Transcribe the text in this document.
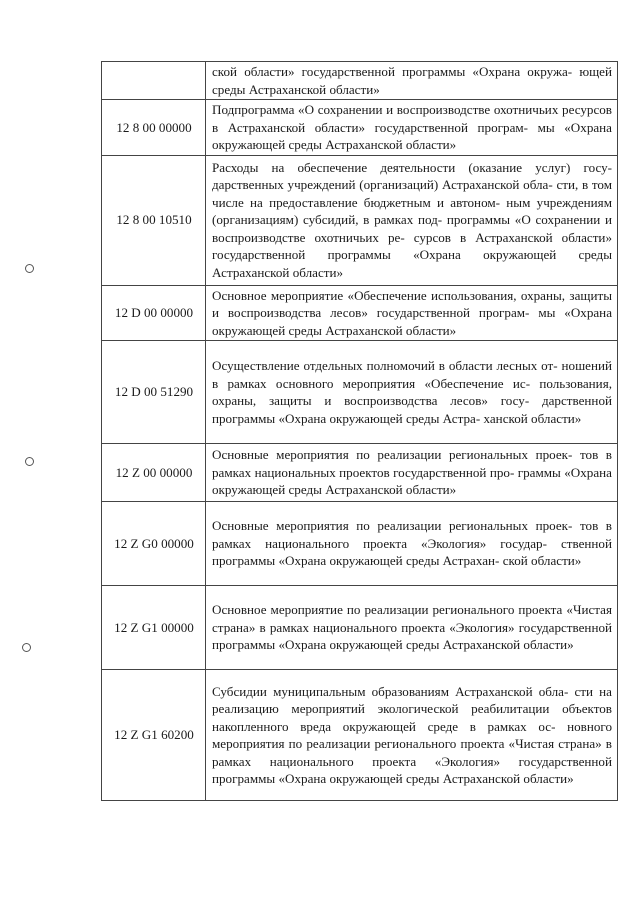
	ской области» государственной программы «Охрана окружа- ющей среды Астраханской области»
12 8 00 00000	Подпрограмма «О сохранении и воспроизводстве охотничьих ресурсов в Астраханской области» государственной програм- мы «Охрана окружающей среды Астраханской области»
12 8 00 10510	Расходы на обеспечение деятельности (оказание услуг) госу- дарственных учреждений (организаций) Астраханской обла- сти, в том числе на предоставление бюджетным и автоном- ным учреждениям (организациям) субсидий, в рамках под- программы «О сохранении и воспроизводстве охотничьих ре- сурсов в Астраханской области» государственной программы «Охрана окружающей среды Астраханской области»
12 D 00 00000	Основное мероприятие «Обеспечение использования, охраны, защиты и воспроизводства лесов» государственной програм- мы «Охрана окружающей среды Астраханской области»
12 D 00 51290	Осуществление отдельных полномочий в области лесных от- ношений в рамках основного мероприятия «Обеспечение ис- пользования, охраны, защиты и воспроизводства лесов» госу- дарственной программы «Охрана окружающей среды Астра- ханской области»
12 Z 00 00000	Основные мероприятия по реализации региональных проек- тов в рамках национальных проектов государственной про- граммы «Охрана окружающей среды Астраханской области»
12 Z G0 00000	Основные мероприятия по реализации региональных проек- тов в рамках национального проекта «Экология» государ- ственной программы «Охрана окружающей среды Астрахан- ской области»
12 Z G1 00000	Основное мероприятие по реализации регионального проекта «Чистая страна» в рамках национального проекта «Экология» государственной программы «Охрана окружающей среды Астраханской области»
12 Z G1 60200	Субсидии муниципальным образованиям Астраханской обла- сти на реализацию мероприятий экологической реабилитации объектов накопленного вреда окружающей среде в рамках ос- новного мероприятия по реализации регионального проекта «Чистая страна» в рамках национального проекта «Экология» государственной программы «Охрана окружающей среды Астраханской области»
